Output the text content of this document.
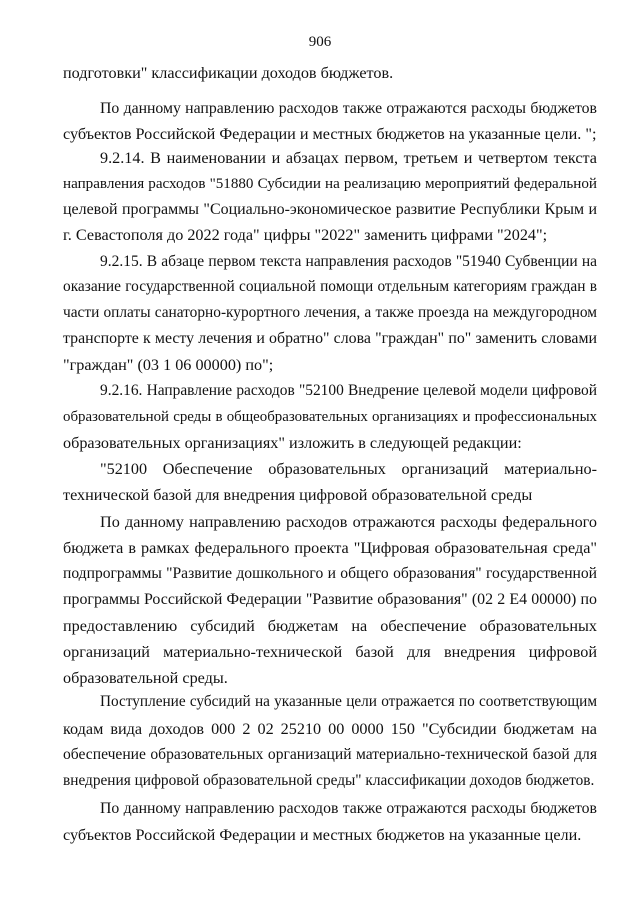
906
подготовки" классификации доходов бюджетов.
По данному направлению расходов также отражаются расходы бюджетов
субъектов Российской Федерации и местных бюджетов на указанные цели. ";
9.2.14. В наименовании и абзацах первом, третьем и четвертом текста
направления расходов "51880 Субсидии на реализацию мероприятий федеральной
целевой программы "Социально-экономическое развитие Республики Крым и
г. Севастополя до 2022 года" цифры "2022" заменить цифрами "2024";
9.2.15. В абзаце первом текста направления расходов "51940 Субвенции на
оказание государственной социальной помощи отдельным категориям граждан в
части оплаты санаторно-курортного лечения, а также проезда на междугородном
транспорте к месту лечения и обратно" слова "граждан" по" заменить словами
"граждан" (03 1 06 00000) по";
9.2.16. Направление расходов "52100 Внедрение целевой модели цифровой
образовательной среды в общеобразовательных организациях и профессиональных
образовательных организациях" изложить в следующей редакции:
"52100 Обеспечение образовательных организаций материально-
технической базой для внедрения цифровой образовательной среды
По данному направлению расходов отражаются расходы федерального
бюджета в рамках федерального проекта "Цифровая образовательная среда"
подпрограммы "Развитие дошкольного и общего образования" государственной
программы Российской Федерации "Развитие образования" (02 2 E4 00000) по
предоставлению субсидий бюджетам на обеспечение образовательных
организаций материально-технической базой для внедрения цифровой
образовательной среды.
Поступление субсидий на указанные цели отражается по соответствующим
кодам вида доходов 000 2 02 25210 00 0000 150 "Субсидии бюджетам на
обеспечение образовательных организаций материально-технической базой для
внедрения цифровой образовательной среды" классификации доходов бюджетов.
По данному направлению расходов также отражаются расходы бюджетов
субъектов Российской Федерации и местных бюджетов на указанные цели.
